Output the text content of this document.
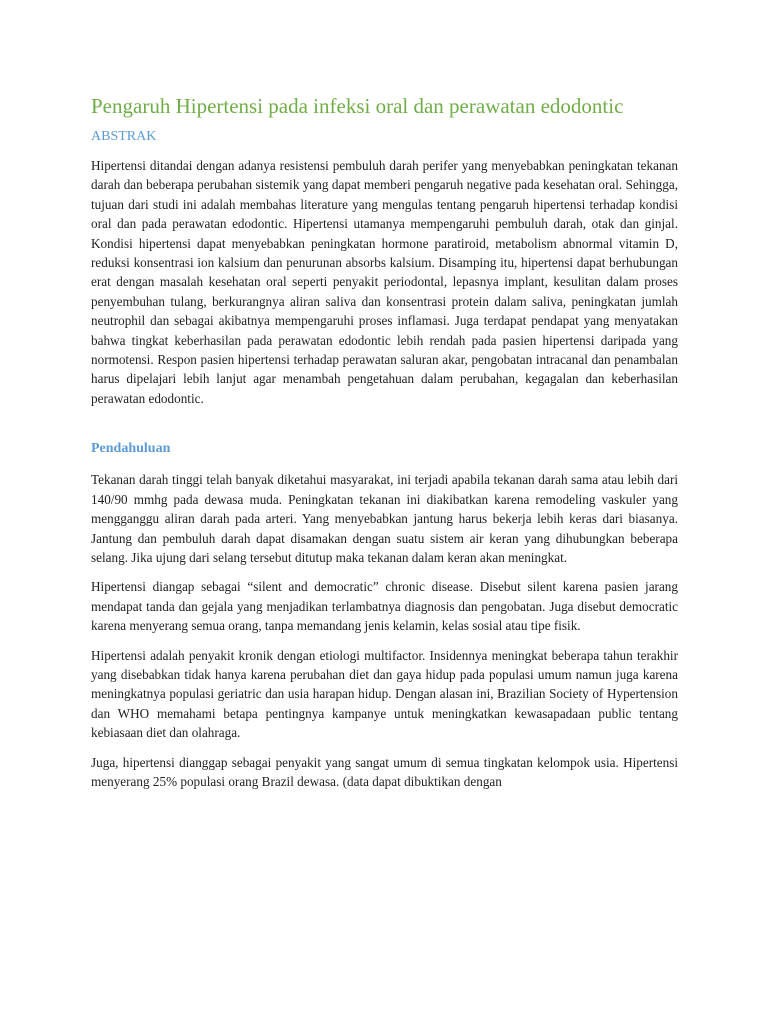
Pengaruh Hipertensi pada infeksi oral dan perawatan edodontic
ABSTRAK

Hipertensi ditandai dengan adanya resistensi pembuluh darah perifer yang menyebabkan peningkatan tekanan darah dan beberapa perubahan sistemik yang dapat memberi pengaruh negative pada kesehatan oral. Sehingga, tujuan dari studi ini adalah membahas literature yang mengulas tentang pengaruh hipertensi terhadap kondisi oral dan pada perawatan edodontic. Hipertensi utamanya mempengaruhi pembuluh darah, otak dan ginjal. Kondisi hipertensi dapat menyebabkan peningkatan hormone paratiroid, metabolism abnormal vitamin D, reduksi konsentrasi ion kalsium dan penurunan absorbs kalsium. Disamping itu, hipertensi dapat berhubungan erat dengan masalah kesehatan oral seperti penyakit periodontal, lepasnya implant, kesulitan dalam proses penyembuhan tulang, berkurangnya aliran saliva dan konsentrasi protein dalam saliva, peningkatan jumlah neutrophil dan sebagai akibatnya mempengaruhi proses inflamasi. Juga terdapat pendapat yang menyatakan bahwa tingkat keberhasilan pada perawatan edodontic lebih rendah pada pasien hipertensi daripada yang normotensi. Respon pasien hipertensi terhadap perawatan saluran akar, pengobatan intracanal dan penambalan harus dipelajari lebih lanjut agar menambah pengetahuan dalam perubahan, kegagalan dan keberhasilan perawatan edodontic.

Pendahuluan

Tekanan darah tinggi telah banyak diketahui masyarakat, ini terjadi apabila tekanan darah sama atau lebih dari 140/90 mmhg pada dewasa muda. Peningkatan tekanan ini diakibatkan karena remodeling vaskuler yang mengganggu aliran darah pada arteri. Yang menyebabkan jantung harus bekerja lebih keras dari biasanya. Jantung dan pembuluh darah dapat disamakan dengan suatu sistem air keran yang dihubungkan beberapa selang. Jika ujung dari selang tersebut ditutup maka tekanan dalam keran akan meningkat.

Hipertensi diangap sebagai “silent and democratic” chronic disease. Disebut silent karena pasien jarang mendapat tanda dan gejala yang menjadikan terlambatnya diagnosis dan pengobatan. Juga disebut democratic karena menyerang semua orang, tanpa memandang jenis kelamin, kelas sosial atau tipe fisik.

Hipertensi adalah penyakit kronik dengan etiologi multifactor. Insidennya meningkat beberapa tahun terakhir yang disebabkan tidak hanya karena perubahan diet dan gaya hidup pada populasi umum namun juga karena meningkatnya populasi geriatric dan usia harapan hidup. Dengan alasan ini, Brazilian Society of Hypertension dan WHO memahami betapa pentingnya kampanye untuk meningkatkan kewasapadaan public tentang kebiasaan diet dan olahraga.

Juga, hipertensi dianggap sebagai penyakit yang sangat umum di semua tingkatan kelompok usia. Hipertensi menyerang 25% populasi orang Brazil dewasa. (data dapat dibuktikan dengan
